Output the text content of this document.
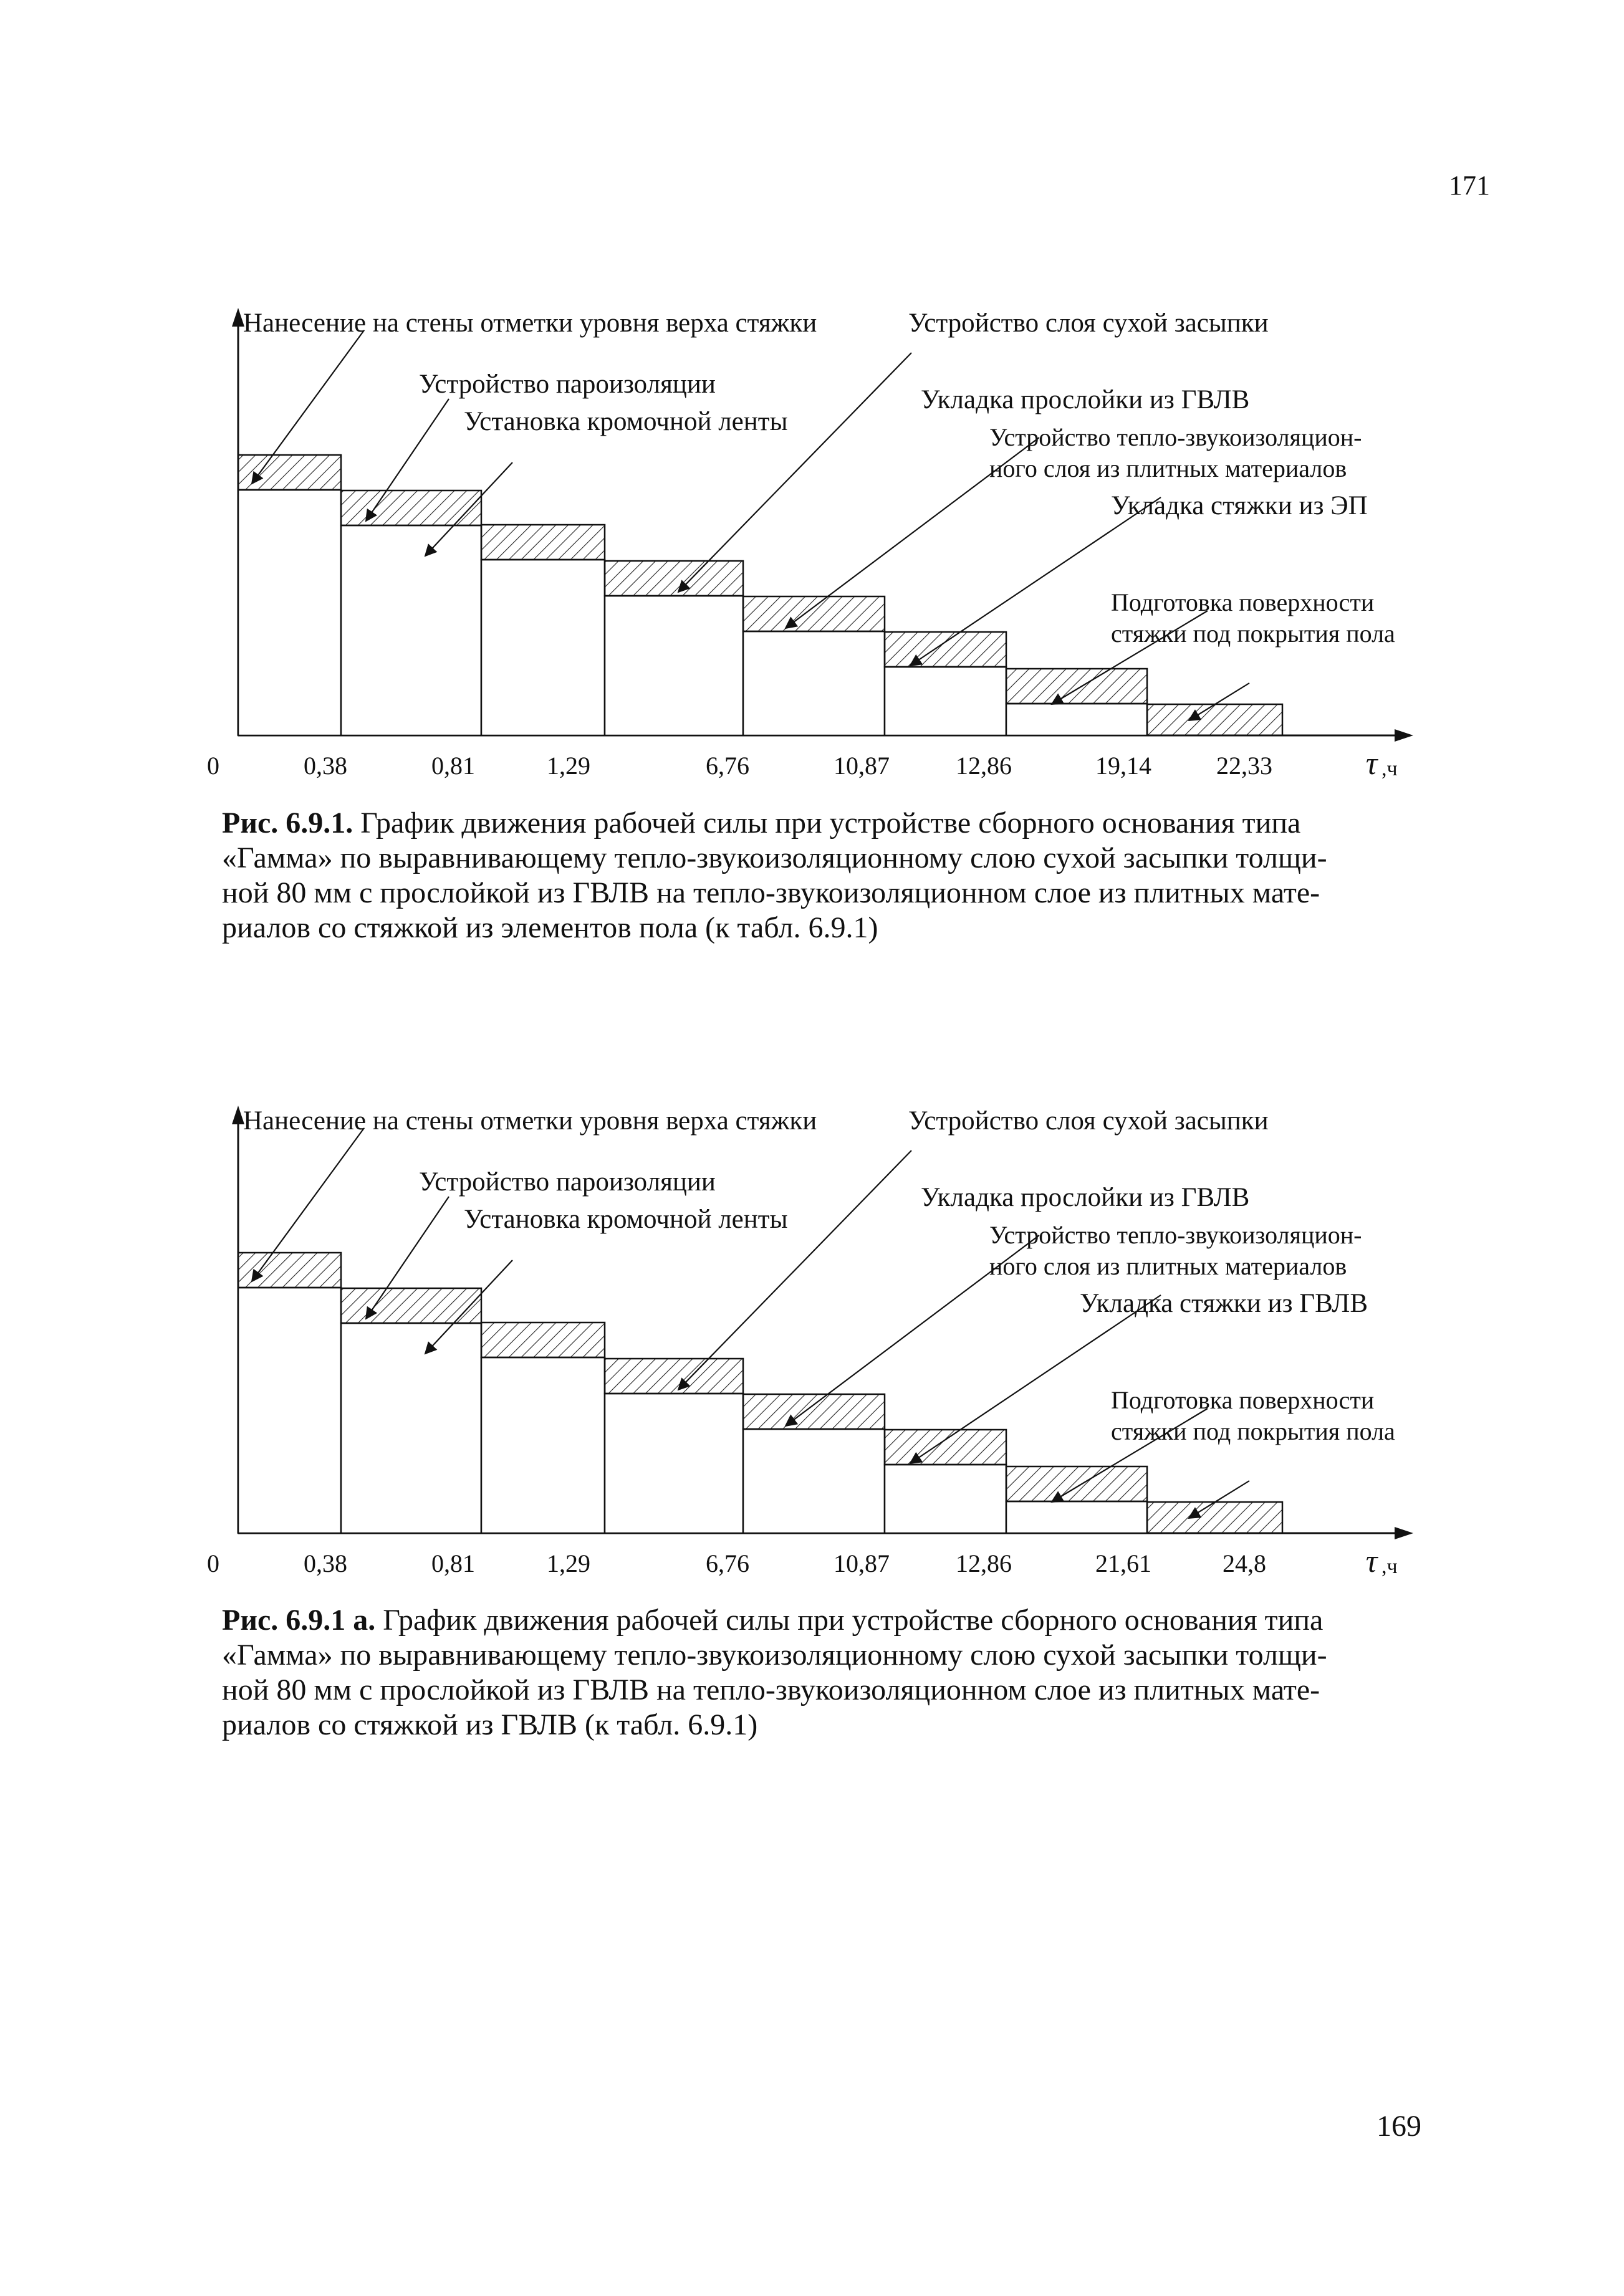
171
0	0,38	0,81	1,29	6,76	10,87	12,86	19,14	22,33	τ ,ч
Нанесение на стены отметки уровня верха стяжки	Устройство слоя сухой засыпки
Устройство пароизоляции
Установка кромочной ленты
Укладка прослойки из ГВЛВ
Устройство тепло-звукоизоляцион-
ного слоя из плитных материалов
Укладка стяжки из ЭП
Подготовка поверхности
стяжки под покрытия пола
Рис. 6.9.1. График движения рабочей силы при устройстве сборного основания типа
«Гамма» по выравнивающему тепло-звукоизоляционному слою сухой засыпки толщи-
ной 80 мм с прослойкой из ГВЛВ на тепло-звукоизоляционном слое из плитных мате-
риалов со стяжкой из элементов пола (к табл. 6.9.1)
0	0,38	0,81	1,29	6,76	10,87	12,86	21,61	24,8	τ ,ч
Нанесение на стены отметки уровня верха стяжки	Устройство слоя сухой засыпки
Устройство пароизоляции
Установка кромочной ленты
Укладка прослойки из ГВЛВ
Устройство тепло-звукоизоляцион-
ного слоя из плитных материалов
Укладка стяжки из ГВЛВ
Подготовка поверхности
стяжки под покрытия пола
Рис. 6.9.1 а. График движения рабочей силы при устройстве сборного основания типа
«Гамма» по выравнивающему тепло-звукоизоляционному слою сухой засыпки толщи-
ной 80 мм с прослойкой из ГВЛВ на тепло-звукоизоляционном слое из плитных мате-
риалов со стяжкой из ГВЛВ (к табл. 6.9.1)
169
